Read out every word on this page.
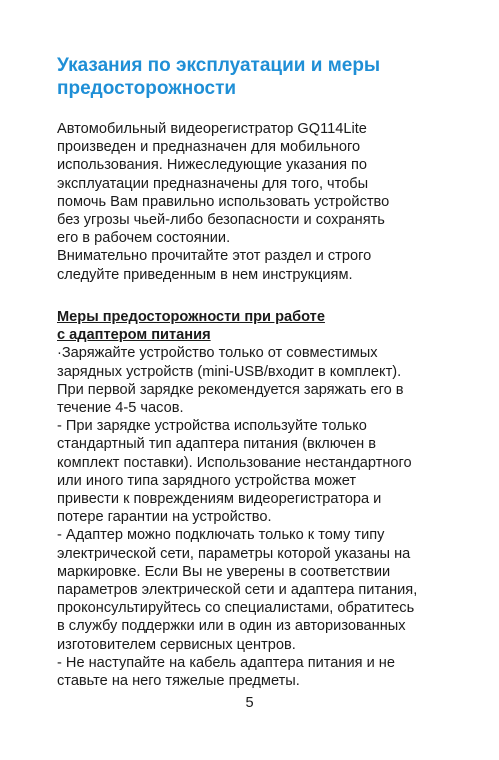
Указания по эксплуатации и меры
предосторожности

Автомобильный видеорегистратор GQ114Lite

произведен и предназначен для мобильного

использования. Нижеследующие указания по

эксплуатации предназначены для того, чтобы

помочь Вам правильно использовать устройство

без угрозы чьей-либо безопасности и сохранять

его в рабочем состоянии.

Внимательно прочитайте этот раздел и строго

следуйте приведенным в нем инструкциям.

Меры предосторожности при работе
с адаптером питания

·Заряжайте устройство только от совместимых

зарядных устройств (mini-USB/входит в комплект).

При первой зарядке рекомендуется заряжать его в

течение 4-5 часов.

- При зарядке устройства используйте только

стандартный тип адаптера питания (включен в

комплект поставки). Использование нестандартного

или иного типа зарядного устройства может

привести к повреждениям видеорегистратора и

потере гарантии на устройство.

- Адаптер можно подключать только к тому типу

электрической сети, параметры которой указаны на

маркировке. Если Вы не уверены в соответствии

параметров электрической сети и адаптера питания,

проконсультируйтесь со специалистами, обратитесь

в службу поддержки или в один из авторизованных

изготовителем сервисных центров.

- Не наступайте на кабель адаптера питания и не

ставьте на него тяжелые предметы.

5
